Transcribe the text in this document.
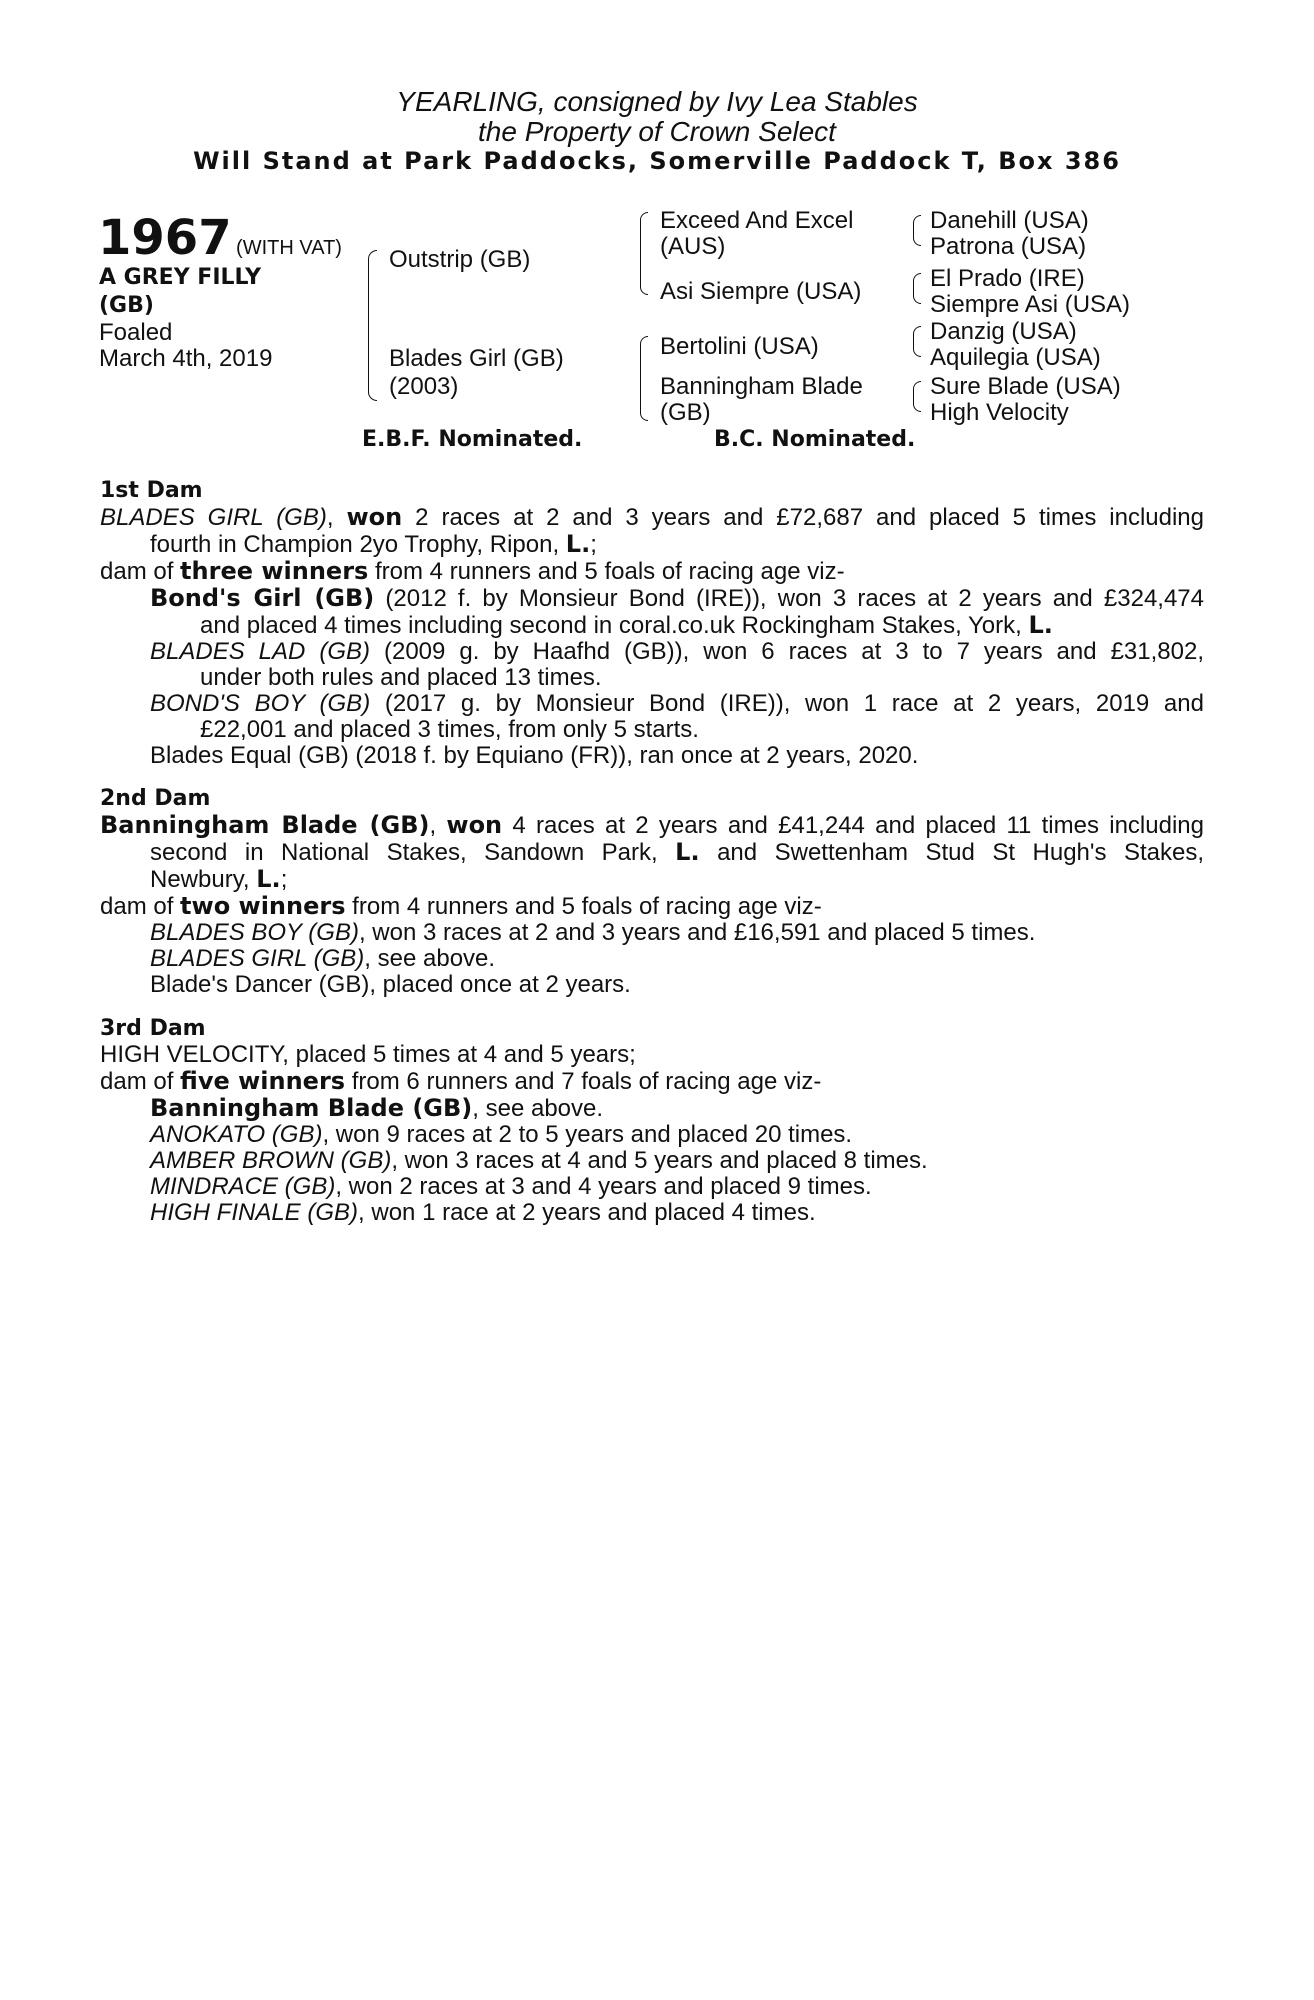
YEARLING, consigned by Ivy Lea Stables
the Property of Crown Select
Will Stand at Park Paddocks, Somerville Paddock T, Box 386
1967 (WITH VAT)
A GREY FILLY
(GB)
Foaled
March 4th, 2019
Outstrip (GB)
Blades Girl (GB)
(2003)
Exceed And Excel
(AUS)
Asi Siempre (USA)
Bertolini (USA)
Banningham Blade
(GB)
Danehill (USA)
Patrona (USA)
El Prado (IRE)
Siempre Asi (USA)
Danzig (USA)
Aquilegia (USA)
Sure Blade (USA)
High Velocity
E.B.F. Nominated.	B.C. Nominated.
1st Dam
BLADES GIRL (GB), won 2 races at 2 and 3 years and £72,687 and placed 5 times including
fourth in Champion 2yo Trophy, Ripon, L.;
dam of three winners from 4 runners and 5 foals of racing age viz-
Bond's Girl (GB) (2012 f. by Monsieur Bond (IRE)), won 3 races at 2 years and £324,474
and placed 4 times including second in coral.co.uk Rockingham Stakes, York, L.
BLADES LAD (GB) (2009 g. by Haafhd (GB)), won 6 races at 3 to 7 years and £31,802,
under both rules and placed 13 times.
BOND'S BOY (GB) (2017 g. by Monsieur Bond (IRE)), won 1 race at 2 years, 2019 and
£22,001 and placed 3 times, from only 5 starts.
Blades Equal (GB) (2018 f. by Equiano (FR)), ran once at 2 years, 2020.
2nd Dam
Banningham Blade (GB), won 4 races at 2 years and £41,244 and placed 11 times including
second in National Stakes, Sandown Park, L. and Swettenham Stud St Hugh's Stakes,
Newbury, L.;
dam of two winners from 4 runners and 5 foals of racing age viz-
BLADES BOY (GB), won 3 races at 2 and 3 years and £16,591 and placed 5 times.
BLADES GIRL (GB), see above.
Blade's Dancer (GB), placed once at 2 years.
3rd Dam
HIGH VELOCITY, placed 5 times at 4 and 5 years;
dam of five winners from 6 runners and 7 foals of racing age viz-
Banningham Blade (GB), see above.
ANOKATO (GB), won 9 races at 2 to 5 years and placed 20 times.
AMBER BROWN (GB), won 3 races at 4 and 5 years and placed 8 times.
MINDRACE (GB), won 2 races at 3 and 4 years and placed 9 times.
HIGH FINALE (GB), won 1 race at 2 years and placed 4 times.
